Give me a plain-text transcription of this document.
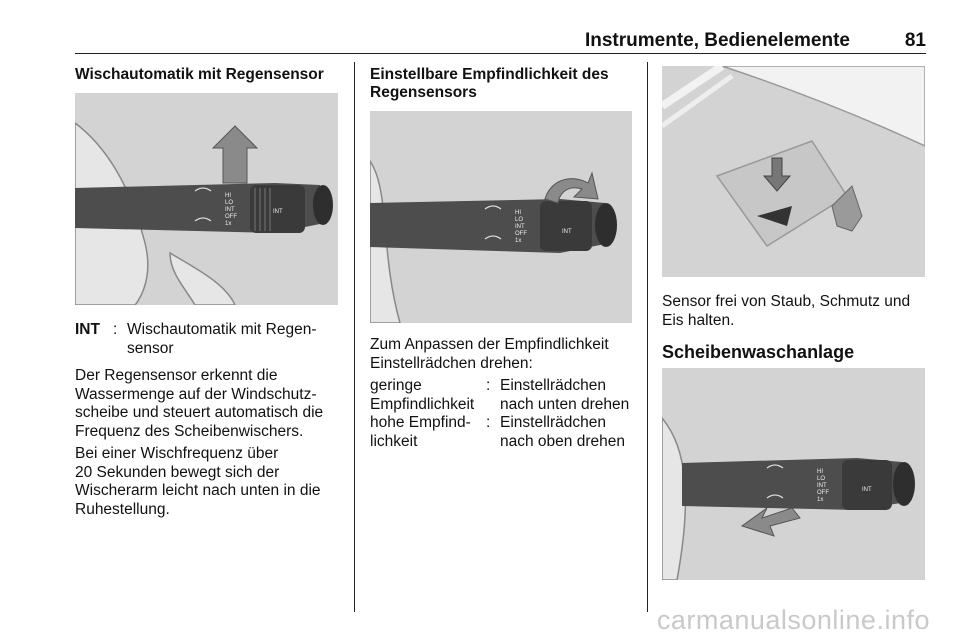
Instrumente, Bedienelemente	81
Wischautomatik mit Regensensor
HI
LO
INT
OFF
1x
INT
INT : Wischautomatik mit Regen-
sensor
Der Regensensor erkennt die
Wassermenge auf der Windschutz-
scheibe und steuert automatisch die
Frequenz des Scheibenwischers.
Bei einer Wischfrequenz über
20 Sekunden bewegt sich der
Wischerarm leicht nach unten in die
Ruhestellung.
Einstellbare Empfindlichkeit des
Regensensors
HI
LO
INT
OFF
1x
INT
Zum Anpassen der Empfindlichkeit
Einstellrädchen drehen:
geringe
Empfindlichkeit
: Einstellrädchen
nach unten drehen
hohe Empfind-
lichkeit
: Einstellrädchen
nach oben drehen
Sensor frei von Staub, Schmutz und
Eis halten.
Scheibenwaschanlage
HI
LO
INT
OFF
1x
INT
carmanualsonline.info
